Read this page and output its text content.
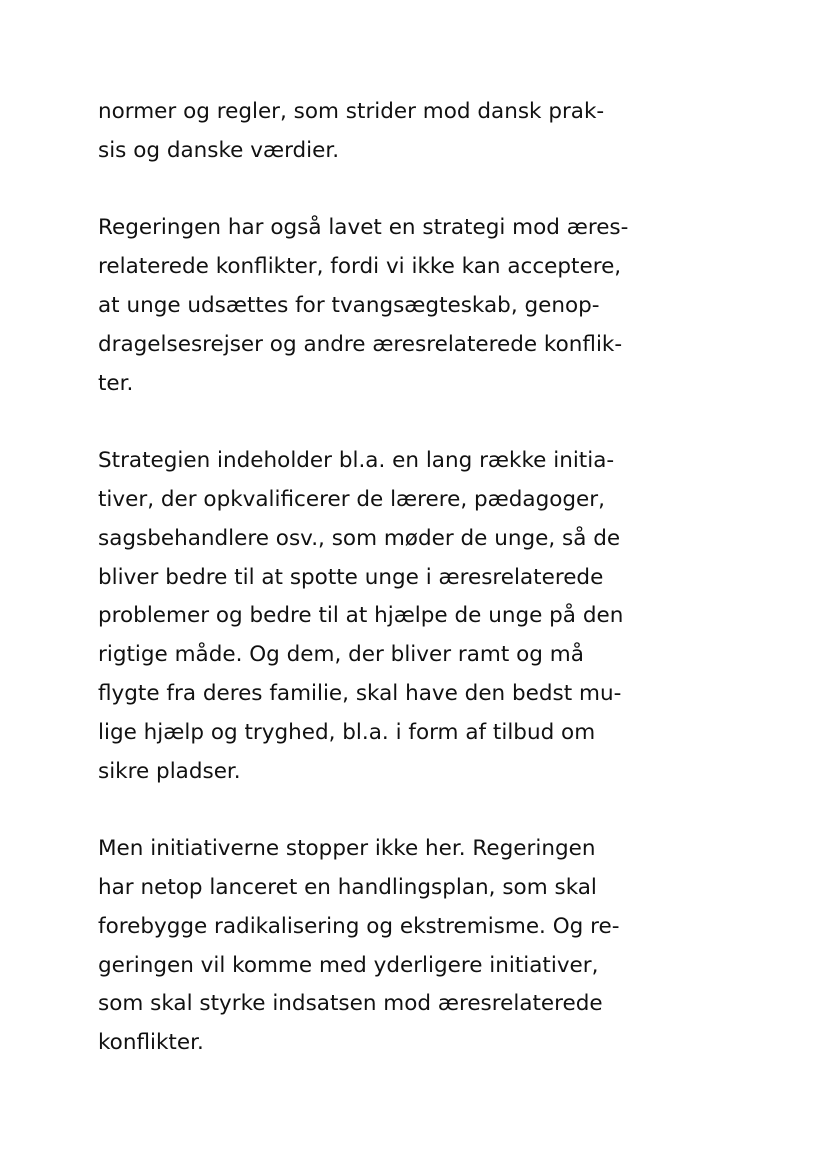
normer og regler, som strider mod dansk prak-
sis og danske værdier.

Regeringen har også lavet en strategi mod æres-
relaterede konflikter, fordi vi ikke kan acceptere,
at unge udsættes for tvangsægteskab, genop-
dragelsesrejser og andre æresrelaterede konflik-
ter.

Strategien indeholder bl.a. en lang række initia-
tiver, der opkvalificerer de lærere, pædagoger,
sagsbehandlere osv., som møder de unge, så de
bliver bedre til at spotte unge i æresrelaterede
problemer og bedre til at hjælpe de unge på den
rigtige måde. Og dem, der bliver ramt og må
flygte fra deres familie, skal have den bedst mu-
lige hjælp og tryghed, bl.a. i form af tilbud om
sikre pladser.

Men initiativerne stopper ikke her. Regeringen
har netop lanceret en handlingsplan, som skal
forebygge radikalisering og ekstremisme. Og re-
geringen vil komme med yderligere initiativer,
som skal styrke indsatsen mod æresrelaterede
konflikter.
